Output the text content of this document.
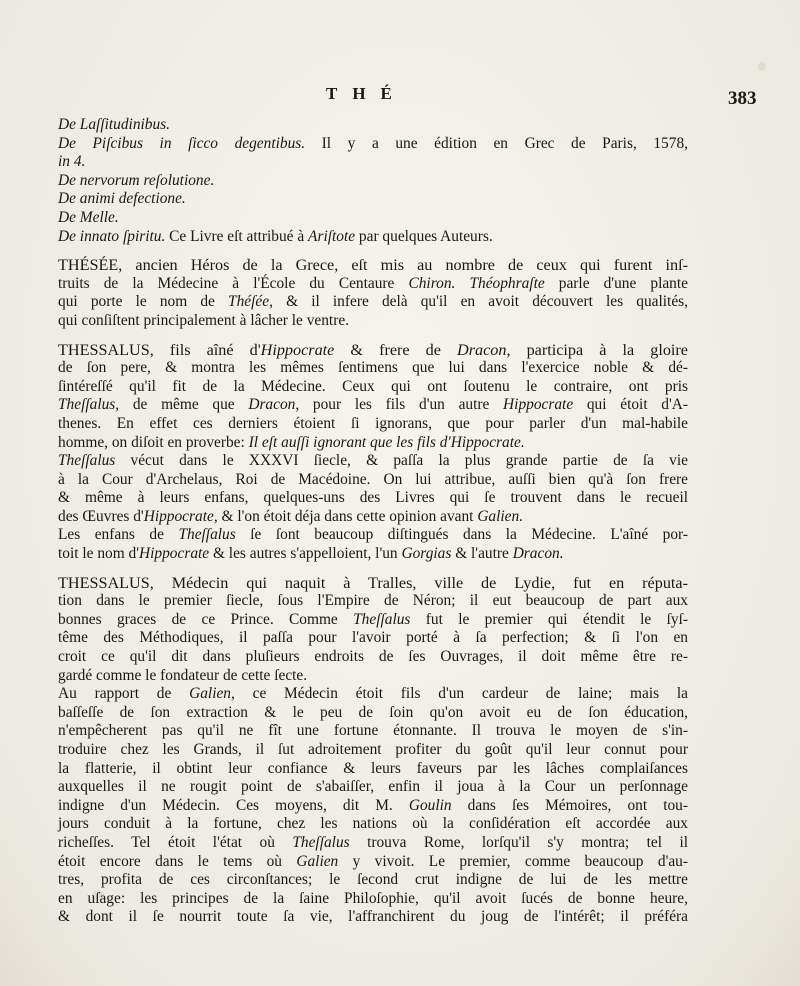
THÉ	383
De Laſſitudinibus.
De Piſcibus in ſicco degentibus. Il y a une édition en Grec de Paris, 1578,
in 4.
De nervorum reſolutione.
De animi defectione.
De Melle.
De innato ſpiritu. Ce Livre eſt attribué à Ariſtote par quelques Auteurs.
THÉSÉE, ancien Héros de la Grece, eſt mis au nombre de ceux qui furent inſ-
truits de la Médecine à l'École du Centaure Chiron. Théophraſte parle d'une plante
qui porte le nom de Théſée, & il infere delà qu'il en avoit découvert les qualités,
qui conſiſtent principalement à lâcher le ventre.
THESSALUS, fils aîné d'Hippocrate & frere de Dracon, participa à la gloire
de ſon pere, & montra les mêmes ſentimens que lui dans l'exercice noble & dé-
ſintéreſſé qu'il fit de la Médecine. Ceux qui ont ſoutenu le contraire, ont pris
Theſſalus, de même que Dracon, pour les fils d'un autre Hippocrate qui étoit d'A-
thenes. En effet ces derniers étoient ſi ignorans, que pour parler d'un mal-habile
homme, on diſoit en proverbe: Il eſt auſſi ignorant que les fils d'Hippocrate.
Theſſalus vécut dans le XXXVI ſiecle, & paſſa la plus grande partie de ſa vie
à la Cour d'Archelaus, Roi de Macédoine. On lui attribue, auſſi bien qu'à ſon frere
& même à leurs enfans, quelques-uns des Livres qui ſe trouvent dans le recueil
des Œuvres d'Hippocrate, & l'on étoit déja dans cette opinion avant Galien.
Les enfans de Theſſalus ſe ſont beaucoup diſtingués dans la Médecine. L'aîné por-
toit le nom d'Hippocrate & les autres s'appelloient, l'un Gorgias & l'autre Dracon.
THESSALUS, Médecin qui naquit à Tralles, ville de Lydie, fut en réputa-
tion dans le premier ſiecle, ſous l'Empire de Néron; il eut beaucoup de part aux
bonnes graces de ce Prince. Comme Theſſalus fut le premier qui étendit le ſyſ-
tême des Méthodiques, il paſſa pour l'avoir porté à ſa perfection; & ſi l'on en
croit ce qu'il dit dans pluſieurs endroits de ſes Ouvrages, il doit même être re-
gardé comme le fondateur de cette ſecte.
Au rapport de Galien, ce Médecin étoit fils d'un cardeur de laine; mais la
baſſeſſe de ſon extraction & le peu de ſoin qu'on avoit eu de ſon éducation,
n'empêcherent pas qu'il ne fît une fortune étonnante. Il trouva le moyen de s'in-
troduire chez les Grands, il ſut adroitement profiter du goût qu'il leur connut pour
la flatterie, il obtint leur confiance & leurs faveurs par les lâches complaiſances
auxquelles il ne rougit point de s'abaiſſer, enfin il joua à la Cour un perſonnage
indigne d'un Médecin. Ces moyens, dit M. Goulin dans ſes Mémoires, ont tou-
jours conduit à la fortune, chez les nations où la conſidération eſt accordée aux
richeſſes. Tel étoit l'état où Theſſalus trouva Rome, lorſqu'il s'y montra; tel il
étoit encore dans le tems où Galien y vivoit. Le premier, comme beaucoup d'au-
tres, profita de ces circonſtances; le ſecond crut indigne de lui de les mettre
en uſage: les principes de la ſaine Philoſophie, qu'il avoit ſucés de bonne heure,
& dont il ſe nourrit toute ſa vie, l'affranchirent du joug de l'intérêt; il préféra
